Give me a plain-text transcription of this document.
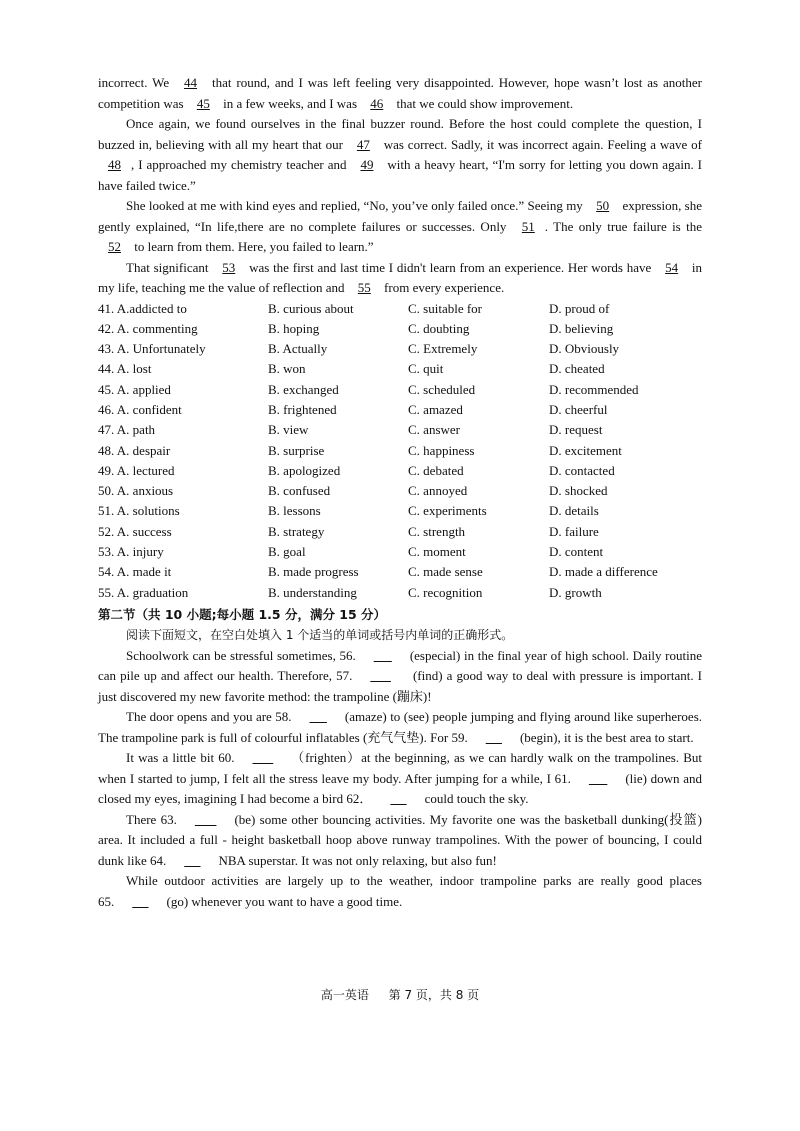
incorrect. We 44 that round, and I was left feeling very disappointed. However, hope wasn’t lost as another competition was 45 in a few weeks, and I was 46 that we could show improvement.

Once again, we found ourselves in the final buzzer round. Before the host could complete the question, I buzzed in, believing with all my heart that our 47 was correct. Sadly, it was incorrect again. Feeling a wave of 48 , I approached my chemistry teacher and 49 with a heavy heart, “I'm sorry for letting you down again. I have failed twice.”

She looked at me with kind eyes and replied, “No, you’ve only failed once.” Seeing my 50 expression, she gently explained, “In life,there are no complete failures or successes. Only 51 . The only true failure is the 52 to learn from them. Here, you failed to learn.”

That significant 53 was the first and last time I didn't learn from an experience. Her words have 54 in my life, teaching me the value of reflection and 55 from every experience.

41. A.addicted to	B. curious about	C. suitable for	D. proud of
42. A. commenting	B. hoping	C. doubting	D. believing
43. A. Unfortunately	B. Actually	C. Extremely	D. Obviously
44. A. lost	B. won	C. quit	D. cheated
45. A. applied	B. exchanged	C. scheduled	D. recommended
46. A. confident	B. frightened	C. amazed	D. cheerful
47. A. path	B. view	C. answer	D. request
48. A. despair	B. surprise	C. happiness	D. excitement
49. A. lectured	B. apologized	C. debated	D. contacted
50. A. anxious	B. confused	C. annoyed	D. shocked
51. A. solutions	B. lessons	C. experiments	D. details
52. A. success	B. strategy	C. strength	D. failure
53. A. injury	B. goal	C. moment	D. content
54. A. made it	B. made progress	C. made sense	D. made a difference
55. A. graduation	B. understanding	C. recognition	D. growth
第二节（共 10 小题;每小题 1.5 分，满分 15 分）

阅读下面短文，在空白处填入 1 个适当的单词或括号内单词的正确形式。

Schoolwork can be stressful sometimes, 56.	(especial) in the final year of high school. Daily routine can pile up and affect our health. Therefore, 57.	(find) a good way to deal with pressure is important. I just discovered my new favorite method: the trampoline (蹦床)!

The door opens and you are 58.	(amaze) to (see) people jumping and flying around like superheroes. The trampoline park is full of colourful inflatables (充气气垫). For 59.	(begin), it is the best area to start.

It was a little bit 60.	（frighten）at the beginning, as we can hardly walk on the trampolines. But when I started to jump, I felt all the stress leave my body. After jumping for a while, I 61.	(lie) down and closed my eyes, imagining I had become a bird 62．	could touch the sky.

There 63.	(be) some other bouncing activities. My favorite one was the basketball dunking(投篮) area. It included a full - height basketball hoop above runway trampolines. With the power of bouncing, I could dunk like 64.	NBA superstar. It was not only relaxing, but also fun!

While outdoor activities are largely up to the weather, indoor trampoline parks are really good places 65.	(go) whenever you want to have a good time.

高一英语 第 7 页，共 8 页
